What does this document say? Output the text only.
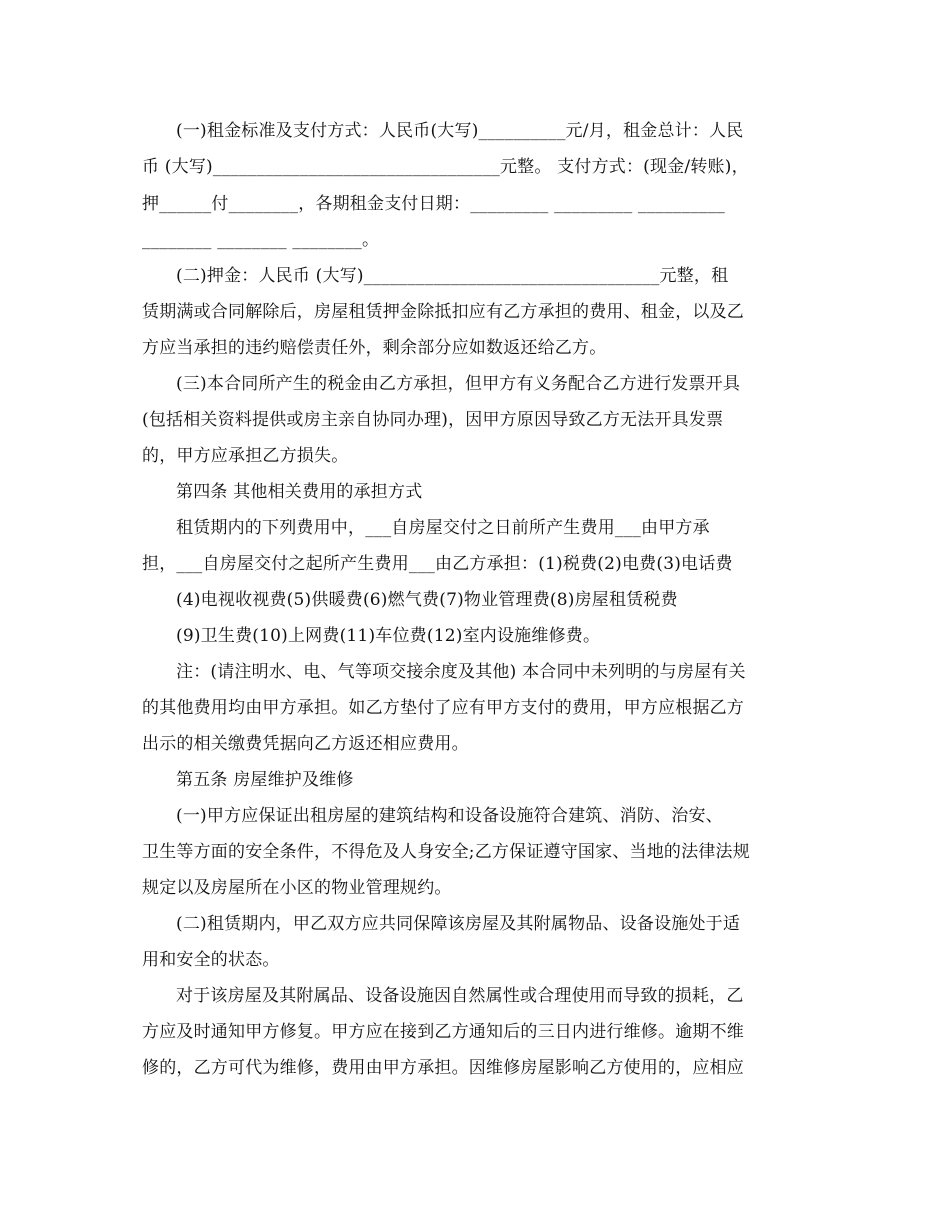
(一)租金标准及支付方式：人民币(大写)__________元/月，租金总计：人民
币 (大写)_________________________________元整。 支付方式：(现金/转账)，
押______付________，各期租金支付日期：_________ _________ __________
________ ________ ________。
(二)押金：人民币 (大写)__________________________________元整，租
赁期满或合同解除后，房屋租赁押金除抵扣应有乙方承担的费用、租金，以及乙
方应当承担的违约赔偿责任外，剩余部分应如数返还给乙方。
(三)本合同所产生的税金由乙方承担，但甲方有义务配合乙方进行发票开具
(包括相关资料提供或房主亲自协同办理)，因甲方原因导致乙方无法开具发票
的，甲方应承担乙方损失。
第四条 其他相关费用的承担方式
租赁期内的下列费用中，___自房屋交付之日前所产生费用___由甲方承
担，___自房屋交付之起所产生费用___由乙方承担：(1)税费(2)电费(3)电话费
(4)电视收视费(5)供暖费(6)燃气费(7)物业管理费(8)房屋租赁税费
(9)卫生费(10)上网费(11)车位费(12)室内设施维修费。
注：(请注明水、电、气等项交接余度及其他) 本合同中未列明的与房屋有关
的其他费用均由甲方承担。如乙方垫付了应有甲方支付的费用，甲方应根据乙方
出示的相关缴费凭据向乙方返还相应费用。
第五条 房屋维护及维修
(一)甲方应保证出租房屋的建筑结构和设备设施符合建筑、消防、治安、
卫生等方面的安全条件，不得危及人身安全;乙方保证遵守国家、当地的法律法规
规定以及房屋所在小区的物业管理规约。
(二)租赁期内，甲乙双方应共同保障该房屋及其附属物品、设备设施处于适
用和安全的状态。
对于该房屋及其附属品、设备设施因自然属性或合理使用而导致的损耗，乙
方应及时通知甲方修复。甲方应在接到乙方通知后的三日内进行维修。逾期不维
修的，乙方可代为维修，费用由甲方承担。因维修房屋影响乙方使用的，应相应
